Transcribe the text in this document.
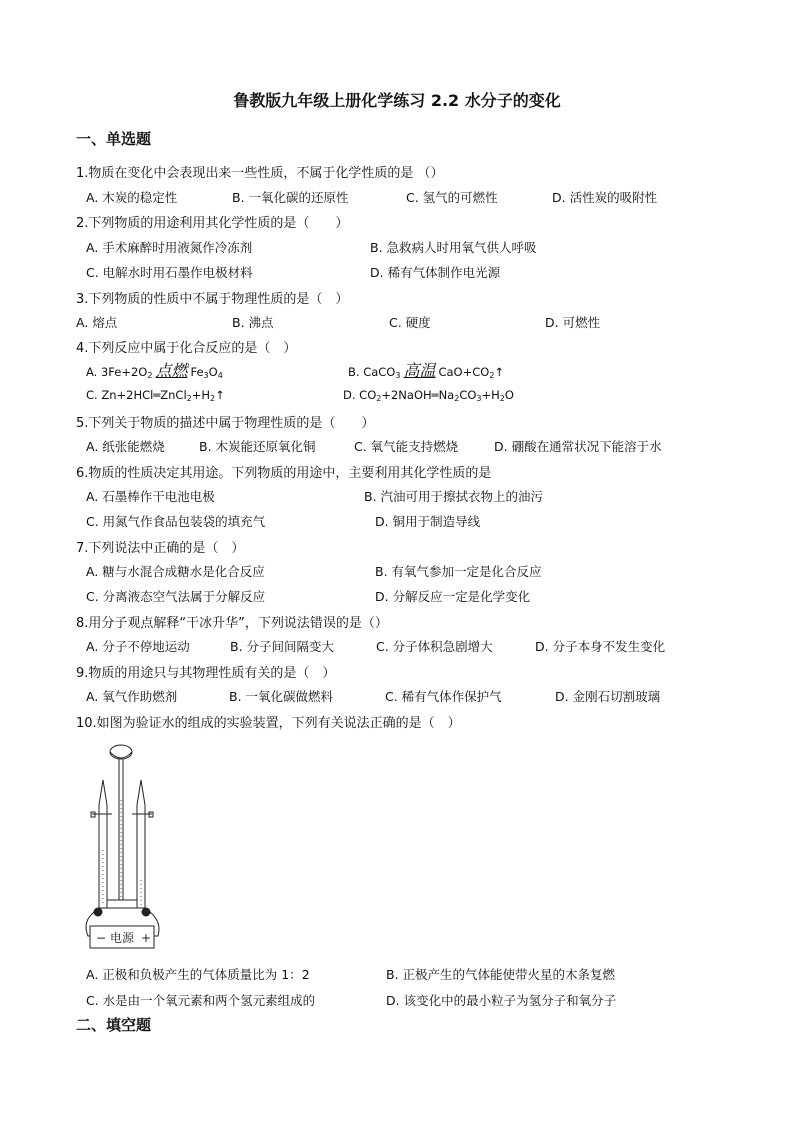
鲁教版九年级上册化学练习 2.2 水分子的变化
一、单选题
1.物质在变化中会表现出来一些性质，不属于化学性质的是 （）
A. 木炭的稳定性	B. 一氧化碳的还原性	C. 氢气的可燃性	D. 活性炭的吸附性
2.下列物质的用途利用其化学性质的是（　　）
A. 手术麻醉时用液氮作冷冻剂	B. 急救病人时用氧气供人呼吸
C. 电解水时用石墨作电极材料	D. 稀有气体制作电光源
3.下列物质的性质中不属于物理性质的是（　）
A. 熔点	B. 沸点	C. 硬度	D. 可燃性
4.下列反应中属于化合反应的是（　）
A. $3Fe+2O_2$ 点燃 $Fe_3O_4$	B. CaCO$_3$ 高温 $CaO+CO_2↑$
C. $Zn+2HCl═ZnCl_2+H_2↑$	D. $CO_2+2NaOH═Na_2CO_3+H_2O$
5.下列关于物质的描述中属于物理性质的是（　　）
A. 纸张能燃烧	B. 木炭能还原氧化铜	C. 氧气能支持燃烧	D. 硼酸在通常状况下能溶于水
6.物质的性质决定其用途。下列物质的用途中，主要利用其化学性质的是
A. 石墨棒作干电池电极	B. 汽油可用于擦拭衣物上的油污
C. 用氮气作食品包装袋的填充气	D. 铜用于制造导线
7.下列说法中正确的是（　）
A. 糖与水混合成糖水是化合反应	B. 有氧气参加一定是化合反应
C. 分离液态空气法属于分解反应	D. 分解反应一定是化学变化
8.用分子观点解释“干冰升华”，下列说法错误的是（）
A. 分子不停地运动	B. 分子间间隔变大	C. 分子体积急剧增大	D. 分子本身不发生变化
9.物质的用途只与其物理性质有关的是（　）
A. 氧气作助燃剂	B. 一氧化碳做燃料	C. 稀有气体作保护气	D. 金刚石切割玻璃
10.如图为验证水的组成的实验装置，下列有关说法正确的是（　）
− 电源 +
A. 正极和负极产生的气体质量比为 1：2	B. 正极产生的气体能使带火星的木条复燃
C. 水是由一个氧元素和两个氢元素组成的	D. 该变化中的最小粒子为氢分子和氧分子
二、填空题
